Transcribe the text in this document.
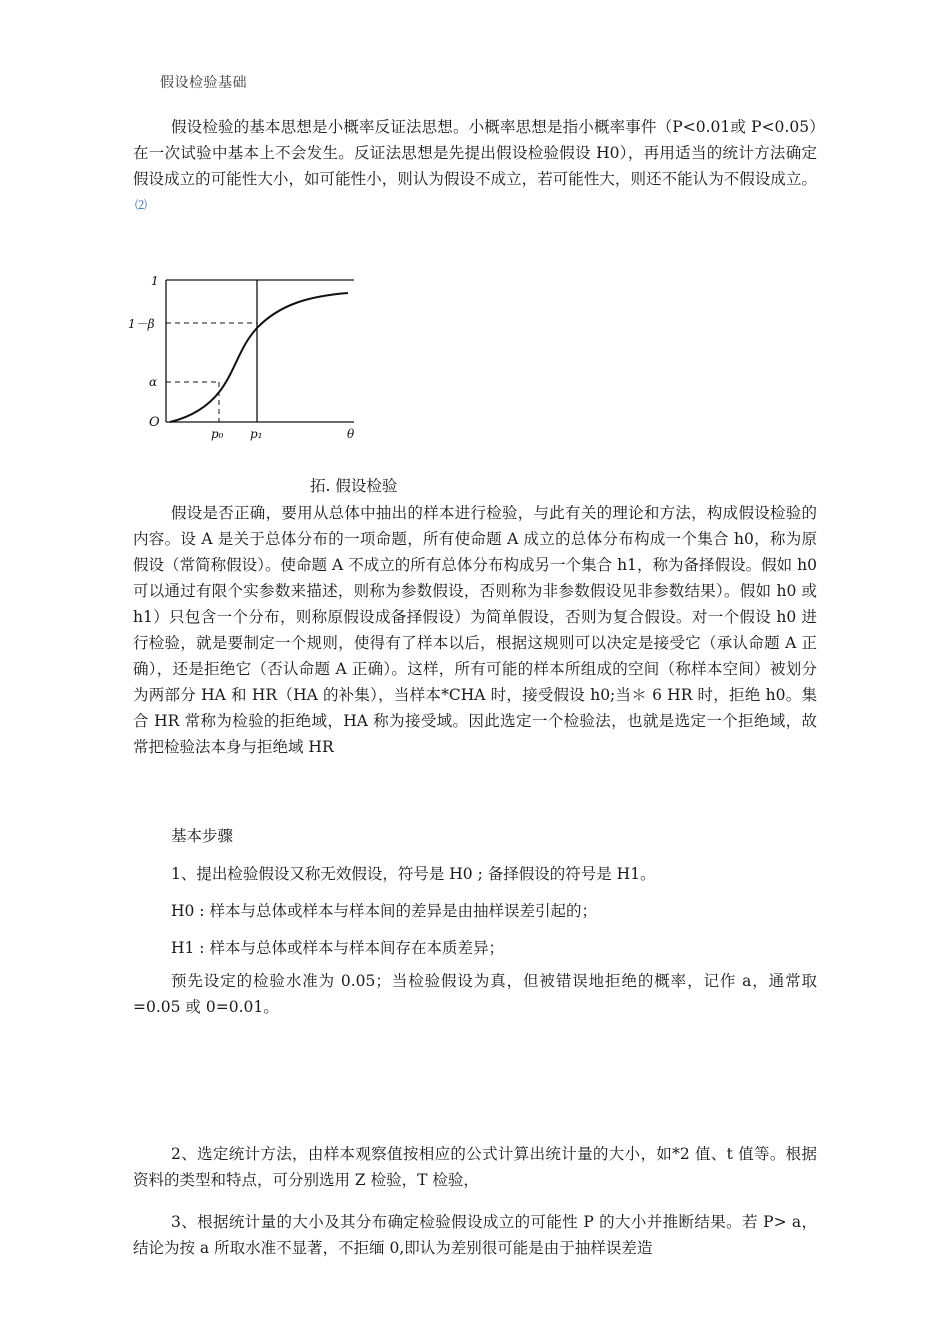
假设检验基础

假设检验的基本思想是小概率反证法思想。小概率思想是指小概率事件（P<0.01或 P<0.05）在一次试验中基本上不会发生。反证法思想是先提出假设检验假设 H0），再用适当的统计方法确定假设成立的可能性大小，如可能性小，则认为假设不成立，若可能性大，则还不能认为不假设成立。⑵

1
1－β
α
O
p₀ p₁	θ
拓. 假设检验

假设是否正确，要用从总体中抽出的样本进行检验，与此有关的理论和方法，构成假设检验的内容。设 A 是关于总体分布的一项命题，所有使命题 A 成立的总体分布构成一个集合 h0，称为原假设（常简称假设）。使命题 A 不成立的所有总体分布构成另一个集合 h1，称为备择假设。假如 h0 可以通过有限个实参数来描述，则称为参数假设，否则称为非参数假设见非参数结果）。假如 h0 或 h1）只包含一个分布，则称原假设成备择假设）为简单假设，否则为复合假设。对一个假设 h0 进行检验，就是要制定一个规则，使得有了样本以后，根据这规则可以决定是接受它（承认命题 A 正确），还是拒绝它（否认命题 A 正确）。这样，所有可能的样本所组成的空间（称样本空间）被划分为两部分 HA 和 HR（HA 的补集），当样本*CHA 时，接受假设 h0;当＊ 6 HR 时，拒绝 h0。集合 HR 常称为检验的拒绝域，HA 称为接受域。因此选定一个检验法，也就是选定一个拒绝域，故常把检验法本身与拒绝域 HR

基本步骤

1、提出检验假设又称无效假设，符号是 H0 ; 备择假设的符号是 H1。

H0 : 样本与总体或样本与样本间的差异是由抽样误差引起的；

H1 : 样本与总体或样本与样本间存在本质差异；

预先设定的检验水准为 0.05；当检验假设为真，但被错误地拒绝的概率，记作 a，通常取=0.05 或 0=0.01。

2、选定统计方法，由样本观察值按相应的公式计算出统计量的大小，如*2 值、t 值等。根据资料的类型和特点，可分别选用 Z 检验，T 检验，

3、根据统计量的大小及其分布确定检验假设成立的可能性 P 的大小并推断结果。若 P> a，结论为按 a 所取水准不显著，不拒缅 0,即认为差别很可能是由于抽样误差造
